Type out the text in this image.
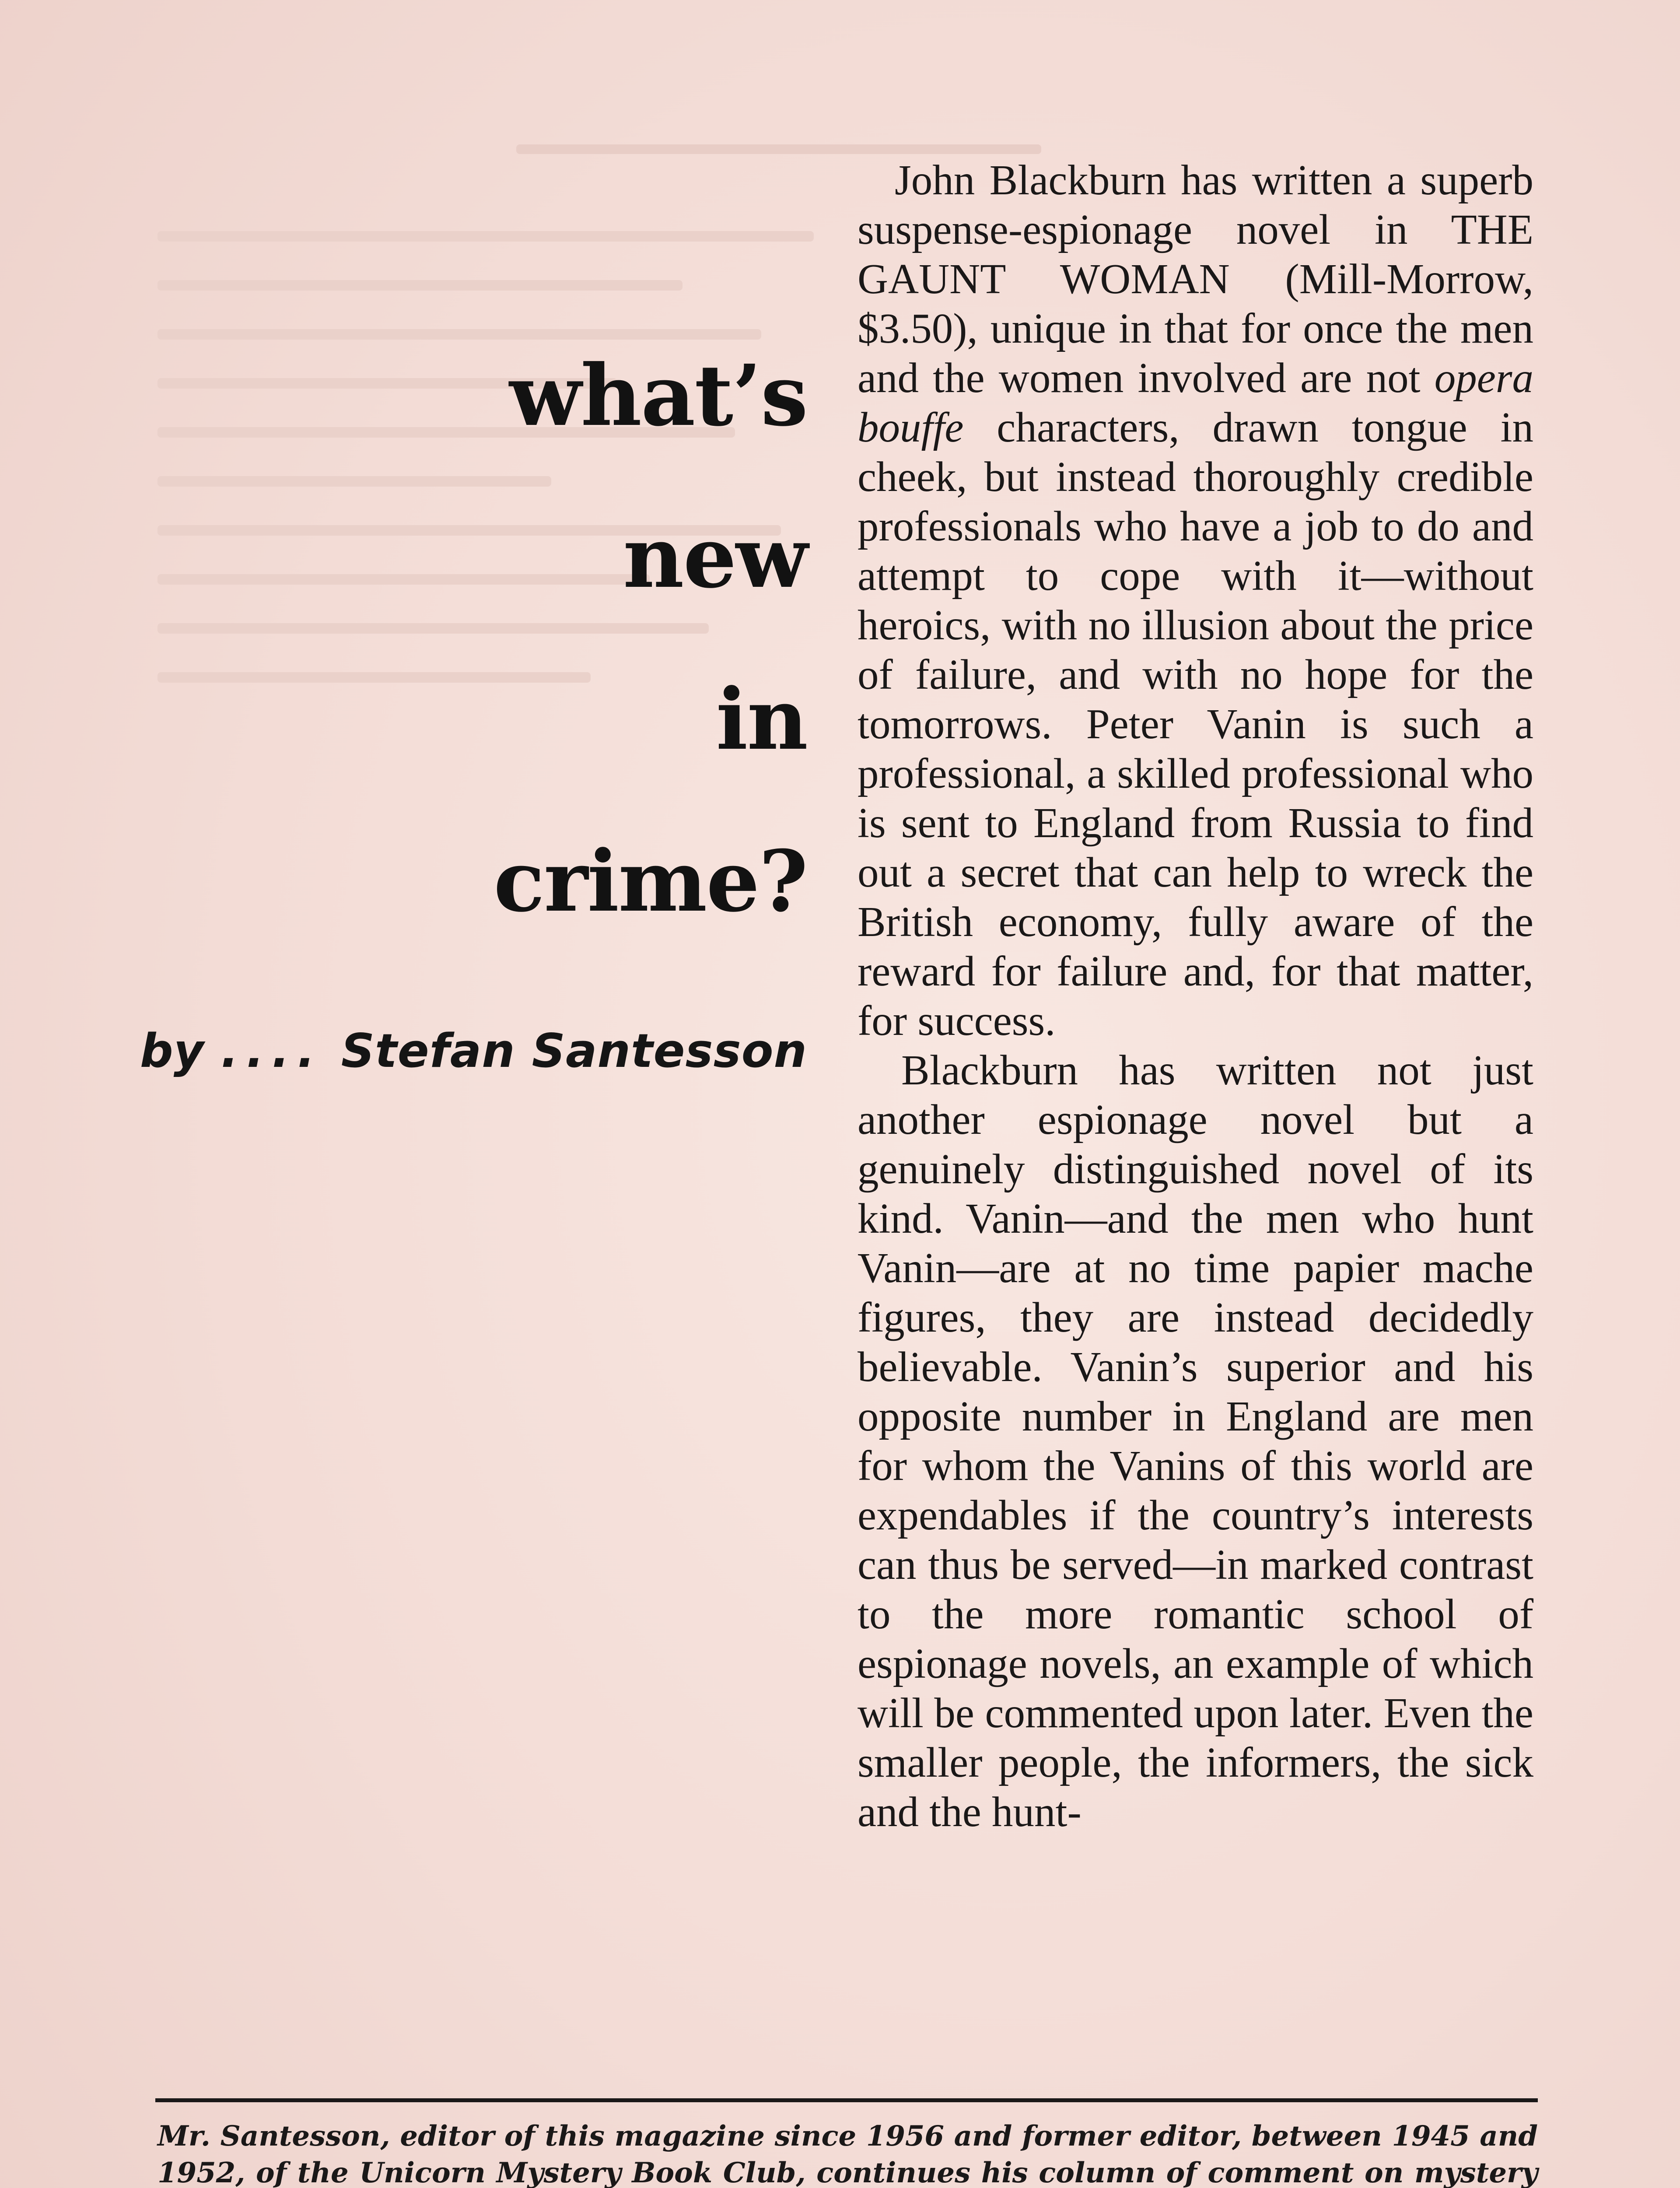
what’s
new
in
crime?
by .... Stefan Santesson

John Blackburn has written a superb suspense-espionage novel in THE GAUNT WOMAN (Mill-Morrow, $3.50), unique in that for once the men and the women involved are not opera bouffe characters, drawn tongue in cheek, but instead thoroughly credible professionals who have a job to do and attempt to cope with it—without heroics, with no illusion about the price of failure, and with no hope for the tomorrows. Peter Vanin is such a professional, a skilled professional who is sent to England from Russia to find out a secret that can help to wreck the British economy, fully aware of the reward for failure and, for that matter, for success.

Blackburn has written not just another espionage novel but a genuinely distinguished novel of its kind. Vanin—and the men who hunt Vanin—are at no time papier mache figures, they are instead decidedly believable. Vanin’s superior and his opposite number in England are men for whom the Vanins of this world are expendables if the country’s interests can thus be served—in marked contrast to the more romantic school of espionage novels, an example of which will be commented upon later. Even the smaller people, the informers, the sick and the hunt-

Mr. Santesson, editor of this magazine since 1956 and former editor, between 1945 and 1952, of the Unicorn Mystery Book Club, continues his column of comment on mystery
